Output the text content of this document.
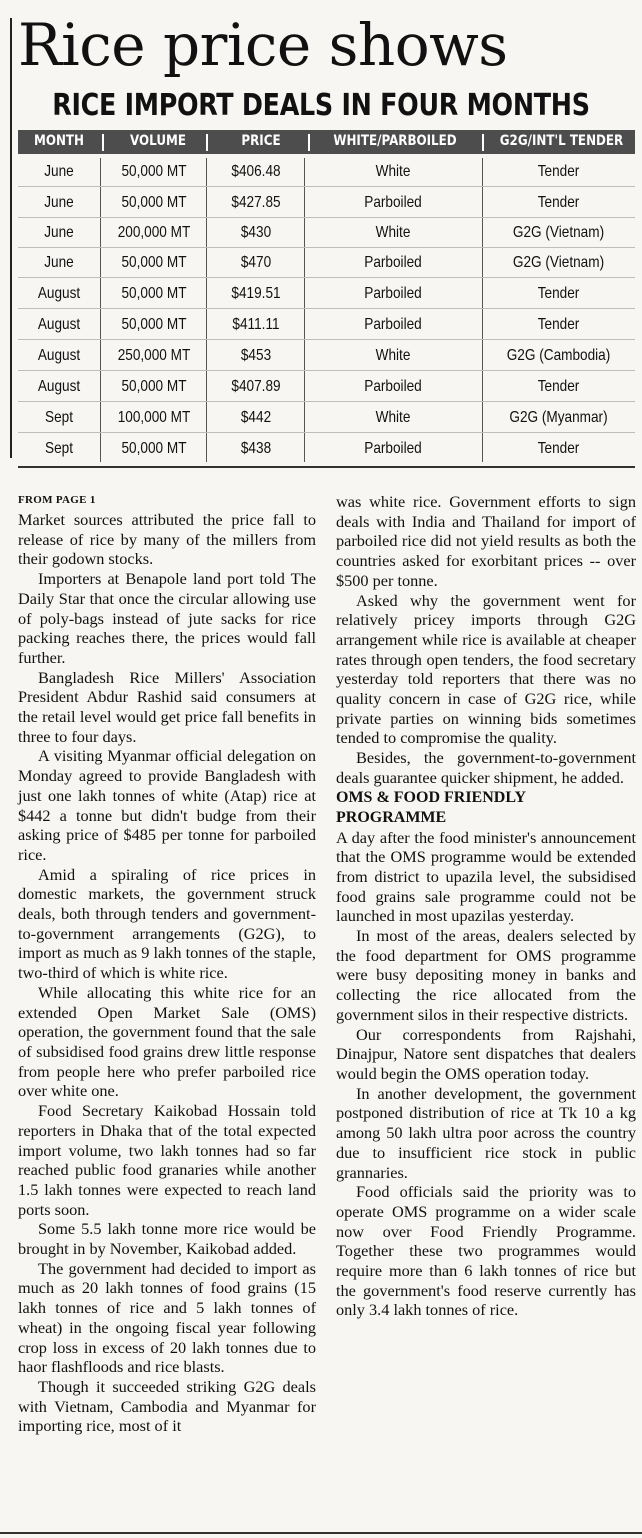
Rice price shows
RICE IMPORT DEALS IN FOUR MONTHS
MONTH	VOLUME	PRICE	WHITE/PARBOILED	G2G/INT'L TENDER
June	50,000 MT	$406.48	White	Tender
June	50,000 MT	$427.85	Parboiled	Tender
June	200,000 MT	$430	White	G2G (Vietnam)
June	50,000 MT	$470	Parboiled	G2G (Vietnam)
August	50,000 MT	$419.51	Parboiled	Tender
August	50,000 MT	$411.11	Parboiled	Tender
August	250,000 MT	$453	White	G2G (Cambodia)
August	50,000 MT	$407.89	Parboiled	Tender
Sept	100,000 MT	$442	White	G2G (Myanmar)
Sept	50,000 MT	$438	Parboiled	Tender
FROM PAGE 1

Market sources attributed the price fall to release of rice by many of the millers from their godown stocks.

Importers at Benapole land port told The Daily Star that once the circular allowing use of poly-bags instead of jute sacks for rice packing reaches there, the prices would fall further.

Bangladesh Rice Millers' Association President Abdur Rashid said consumers at the retail level would get price fall benefits in three to four days.

A visiting Myanmar official delegation on Monday agreed to provide Bangladesh with just one lakh tonnes of white (Atap) rice at $442 a tonne but didn't budge from their asking price of $485 per tonne for parboiled rice.

Amid a spiraling of rice prices in domestic markets, the government struck deals, both through tenders and government-to-government arrangements (G2G), to import as much as 9 lakh tonnes of the staple, two-third of which is white rice.

While allocating this white rice for an extended Open Market Sale (OMS) operation, the government found that the sale of subsidised food grains drew little response from people here who prefer parboiled rice over white one.

Food Secretary Kaikobad Hossain told reporters in Dhaka that of the total expected import volume, two lakh tonnes had so far reached public food granaries while another 1.5 lakh tonnes were expected to reach land ports soon.

Some 5.5 lakh tonne more rice would be brought in by November, Kaikobad added.

The government had decided to import as much as 20 lakh tonnes of food grains (15 lakh tonnes of rice and 5 lakh tonnes of wheat) in the ongoing fiscal year following crop loss in excess of 20 lakh tonnes due to haor flashfloods and rice blasts.

Though it succeeded striking G2G deals with Vietnam, Cambodia and Myanmar for importing rice, most of it

was white rice. Government efforts to sign deals with India and Thailand for import of parboiled rice did not yield results as both the countries asked for exorbitant prices -- over $500 per tonne.

Asked why the government went for relatively pricey imports through G2G arrangement while rice is available at cheaper rates through open tenders, the food secretary yesterday told reporters that there was no quality concern in case of G2G rice, while private parties on winning bids sometimes tended to compromise the quality.

Besides, the government-to-government deals guarantee quicker shipment, he added.

OMS & FOOD FRIENDLY PROGRAMME

A day after the food minister's announcement that the OMS programme would be extended from district to upazila level, the subsidised food grains sale programme could not be launched in most upazilas yesterday.

In most of the areas, dealers selected by the food department for OMS programme were busy depositing money in banks and collecting the rice allocated from the government silos in their respective districts.

Our correspondents from Rajshahi, Dinajpur, Natore sent dispatches that dealers would begin the OMS operation today.

In another development, the government postponed distribution of rice at Tk 10 a kg among 50 lakh ultra poor across the country due to insufficient rice stock in public grannaries.

Food officials said the priority was to operate OMS programme on a wider scale now over Food Friendly Programme. Together these two programmes would require more than 6 lakh tonnes of rice but the government's food reserve currently has only 3.4 lakh tonnes of rice.
